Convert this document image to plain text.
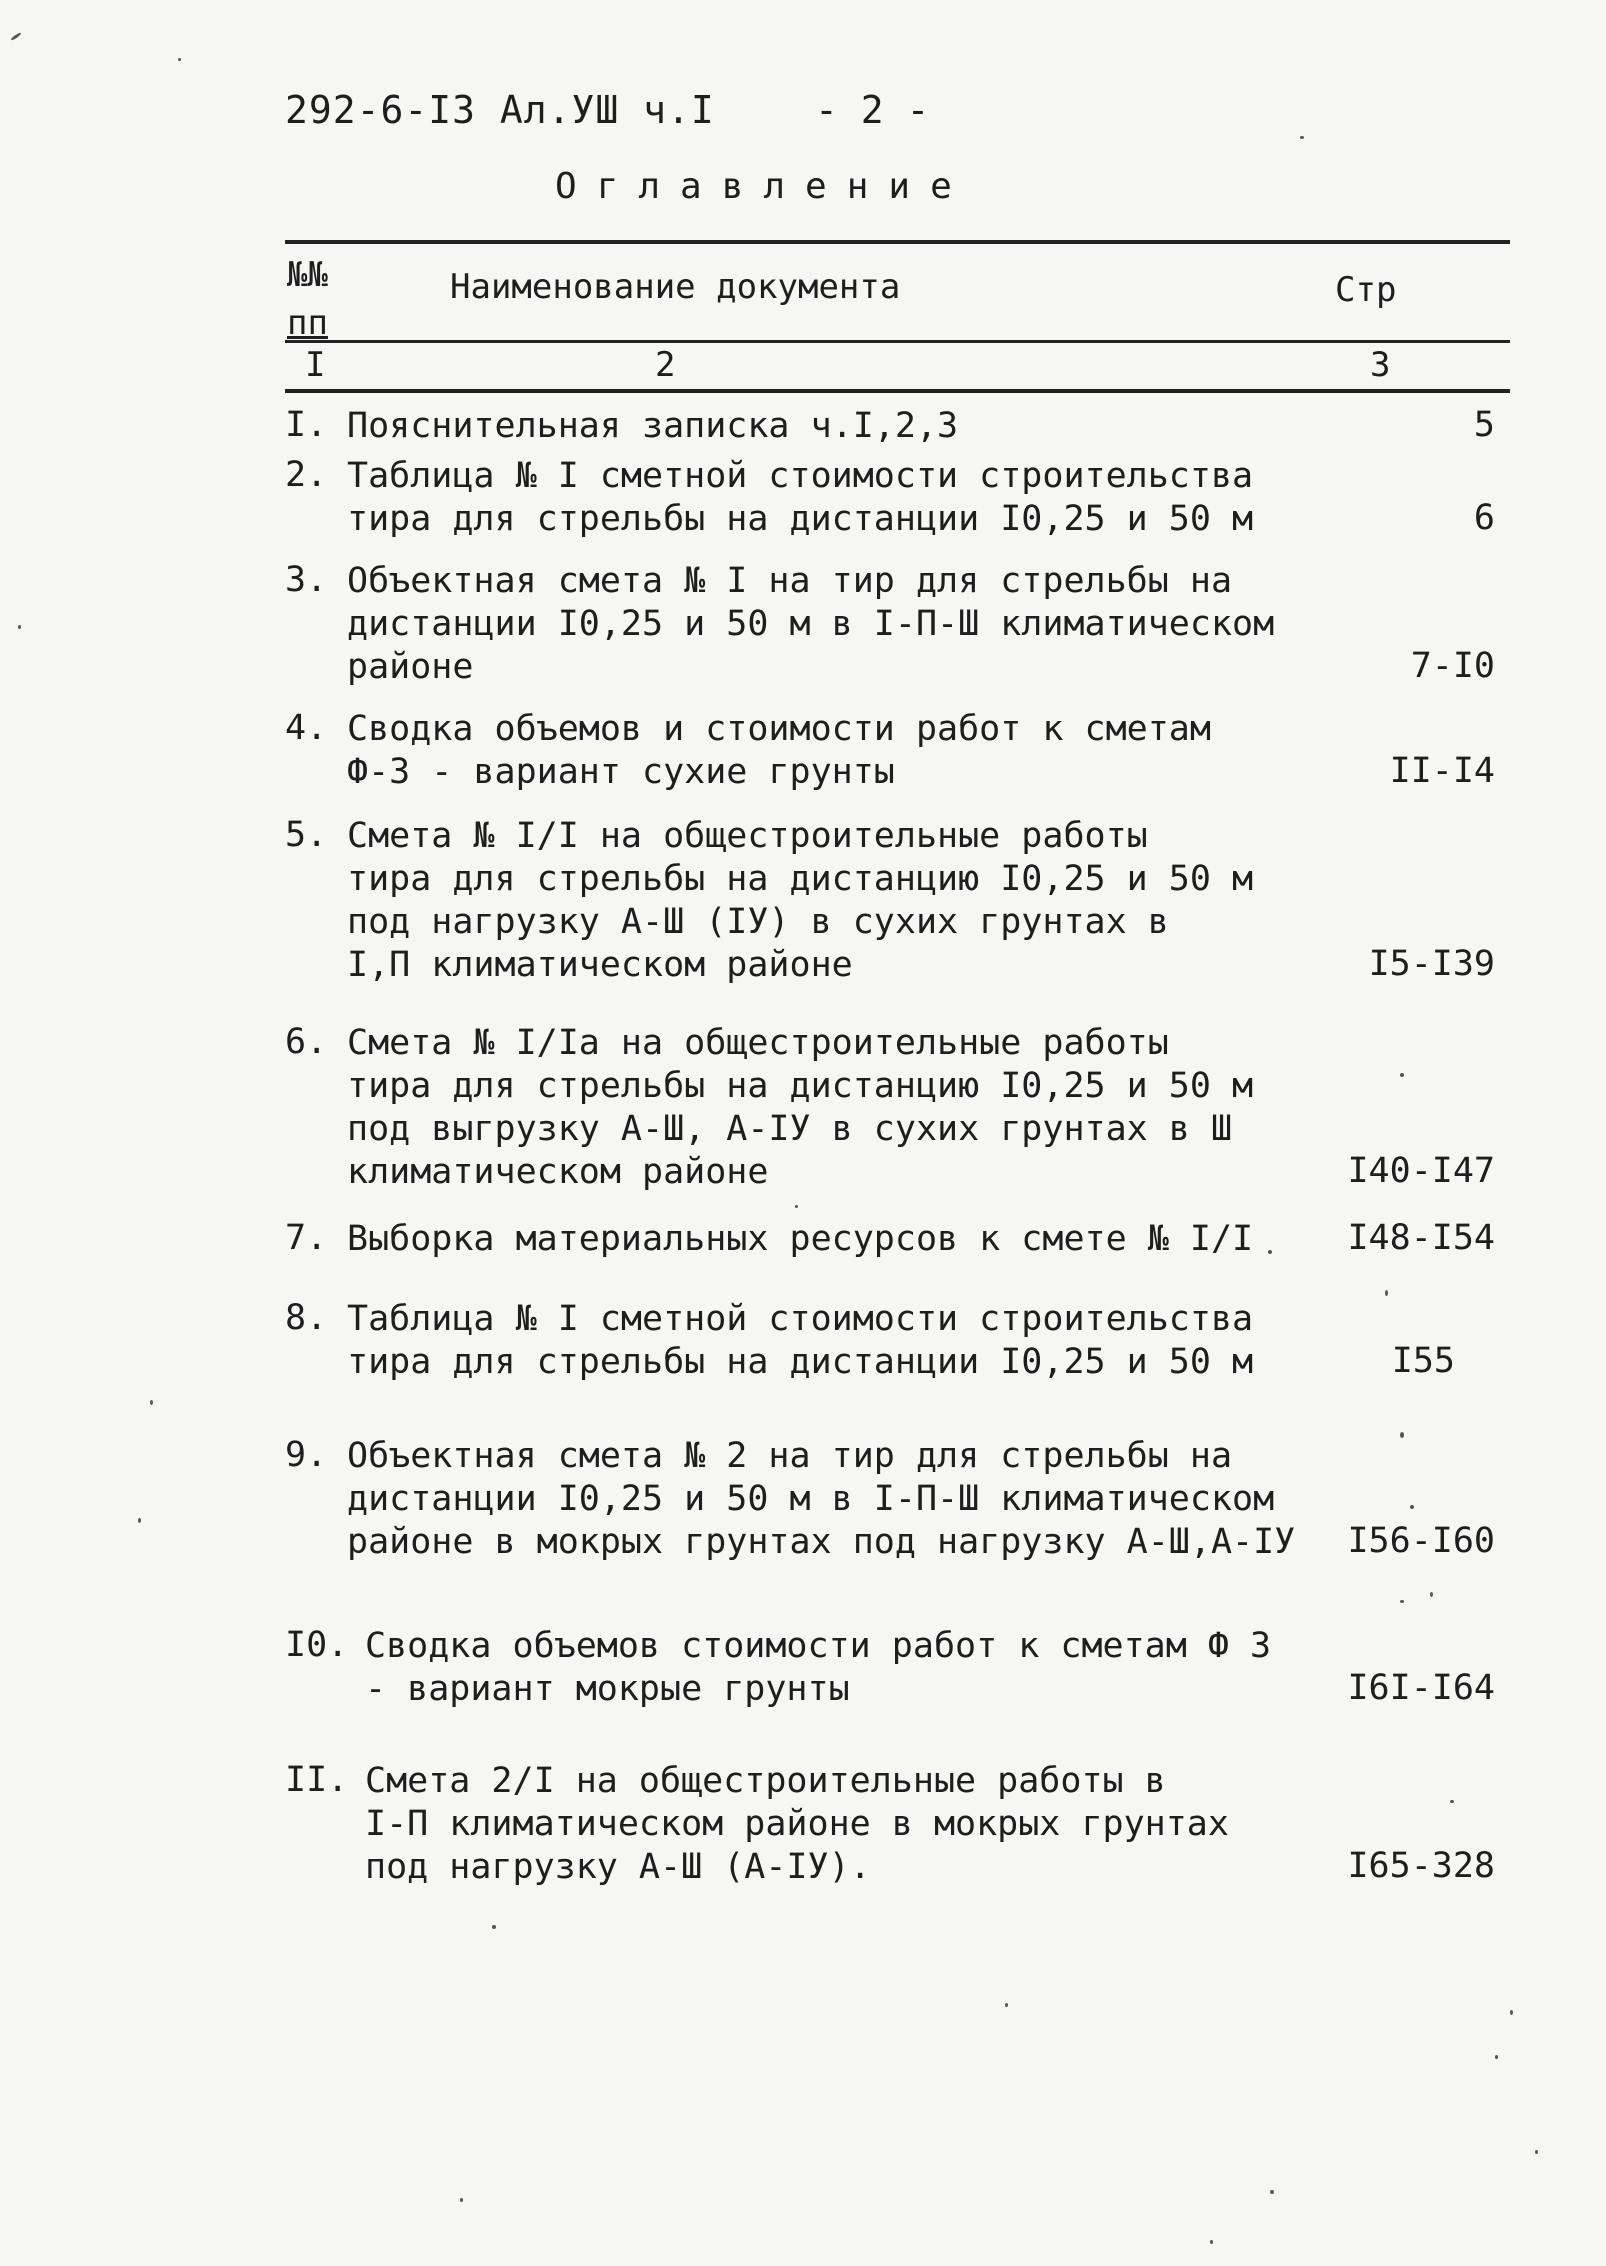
292-6-I3 Ал.УШ ч.I	- 2 -
Оглавление
№№
пп
Наименование документа	Стр
I	2	3
I. Пояснительная записка ч.I,2,3	5
2. Таблица № I сметной стоимости строительства
тира для стрельбы на дистанции I0,25 и 50 м	6
3. Объектная смета № I на тир для стрельбы на
дистанции I0,25 и 50 м в I-П-Ш климатическом
районе	7-I0
4. Сводка объемов и стоимости работ к сметам
Ф-3 - вариант сухие грунты	II-I4
5. Смета № I/I на общестроительные работы
тира для стрельбы на дистанцию I0,25 и 50 м
под нагрузку А-Ш (IУ) в сухих грунтах в
I,П климатическом районе	I5-I39
6. Смета № I/Iа на общестроительные работы
тира для стрельбы на дистанцию I0,25 и 50 м
под выгрузку А-Ш, А-IУ в сухих грунтах в Ш
климатическом районе	I40-I47
7. Выборка материальных ресурсов к смете № I/I	I48-I54
8. Таблица № I сметной стоимости строительства
тира для стрельбы на дистанции I0,25 и 50 м	I55
9. Объектная смета № 2 на тир для стрельбы на
дистанции I0,25 и 50 м в I-П-Ш климатическом
районе в мокрых грунтах под нагрузку А-Ш,А-IУ	I56-I60
I0. Сводка объемов стоимости работ к сметам Ф 3
- вариант мокрые грунты	I6I-I64
II. Смета 2/I на общестроительные работы в
I-П климатическом районе в мокрых грунтах
под нагрузку А-Ш (А-IУ).	I65-328
